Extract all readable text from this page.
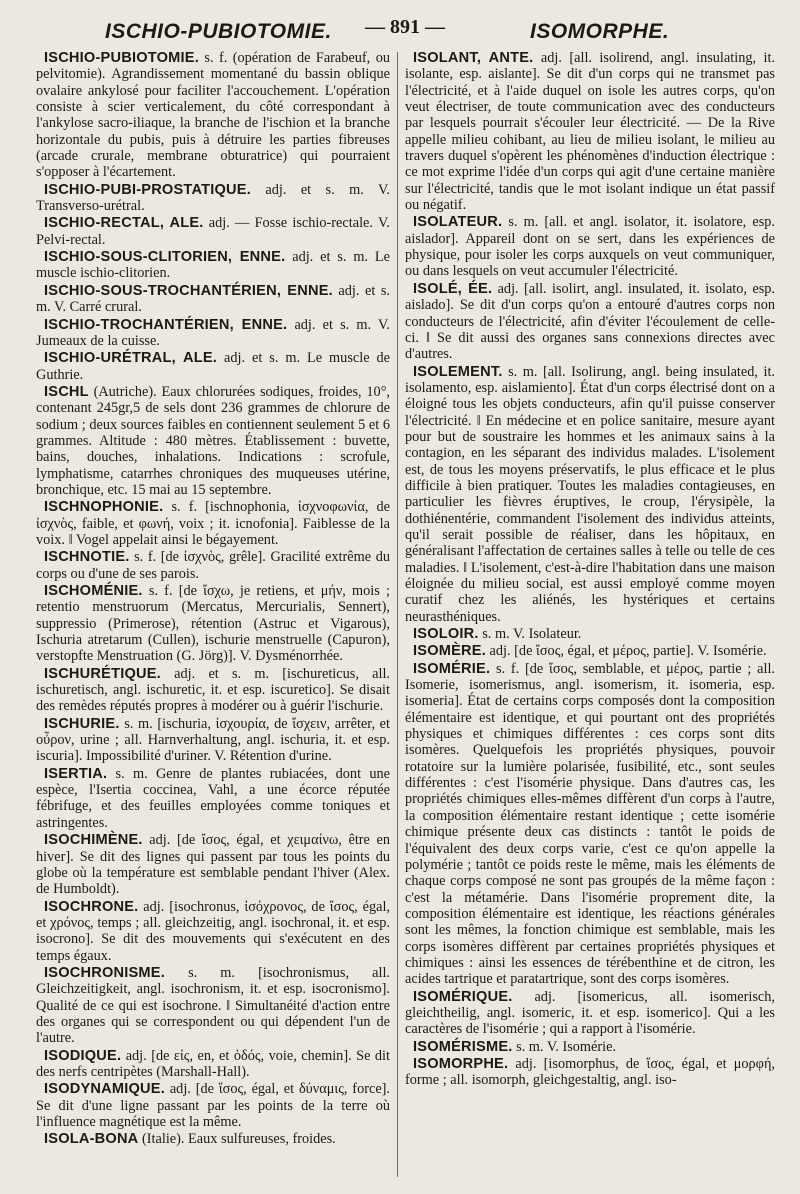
ISCHIO-PUBIOTOMIE. — 891 —	ISOMORPHE.

ISCHIO-PUBIOTOMIE. s. f. (opération de Farabeuf, ou pelvitomie). Agrandissement momentané du bassin oblique ovalaire ankylosé pour faciliter l'accouchement. L'opération consiste à scier verticalement, du côté correspondant à l'ankylose sacro-iliaque, la branche de l'ischion et la branche horizontale du pubis, puis à détruire les parties fibreuses (arcade crurale, membrane obturatrice) qui pourraient s'opposer à l'écartement.

ISCHIO-PUBI-PROSTATIQUE. adj. et s. m. V. Transverso-urétral.

ISCHIO-RECTAL, ALE. adj. — Fosse ischio-rectale. V. Pelvi-rectal.

ISCHIO-SOUS-CLITORIEN, ENNE. adj. et s. m. Le muscle ischio-clitorien.

ISCHIO-SOUS-TROCHANTÉRIEN, ENNE. adj. et s. m. V. Carré crural.

ISCHIO-TROCHANTÉRIEN, ENNE. adj. et s. m. V. Jumeaux de la cuisse.

ISCHIO-URÉTRAL, ALE. adj. et s. m. Le muscle de Guthrie.

ISCHL (Autriche). Eaux chlorurées sodiques, froides, 10°, contenant 245gr,5 de sels dont 236 grammes de chlorure de sodium ; deux sources faibles en contiennent seulement 5 et 6 grammes. Altitude : 480 mètres. Établissement : buvette, bains, douches, inhalations. Indications : scrofule, lymphatisme, catarrhes chroniques des muqueuses utérine, bronchique, etc. 15 mai au 15 septembre.

ISCHNOPHONIE. s. f. [ischnophonia, ἰσχνοφωνία, de ἰσχνὸς, faible, et φωνή, voix ; it. icnofonia]. Faiblesse de la voix. ‖ Vogel appelait ainsi le bégayement.

ISCHNOTIE. s. f. [de ἰσχνὸς, grêle]. Gracilité extrême du corps ou d'une de ses parois.

ISCHOMÉNIE. s. f. [de ἴσχω, je retiens, et μήν, mois ; retentio menstruorum (Mercatus, Mercurialis, Sennert), suppressio (Primerose), rétention (Astruc et Vigarous), Ischuria atretarum (Cullen), ischurie menstruelle (Capuron), verstopfte Menstruation (G. Jörg)]. V. Dysménorrhée.

ISCHURÉTIQUE. adj. et s. m. [ischureticus, all. ischuretisch, angl. ischuretic, it. et esp. iscuretico]. Se disait des remèdes réputés propres à modérer ou à guérir l'ischurie.

ISCHURIE. s. m. [ischuria, ἰσχουρία, de ἴσχειν, arrêter, et οὖρον, urine ; all. Harnverhaltung, angl. ischuria, it. et esp. iscuria]. Impossibilité d'uriner. V. Rétention d'urine.

ISERTIA. s. m. Genre de plantes rubiacées, dont une espèce, l'Isertia coccinea, Vahl, a une écorce réputée fébrifuge, et des feuilles employées comme toniques et astringentes.

ISOCHIMÈNE. adj. [de ἴσος, égal, et χειμαίνω, être en hiver]. Se dit des lignes qui passent par tous les points du globe où la température est semblable pendant l'hiver (Alex. de Humboldt).

ISOCHRONE. adj. [isochronus, ἰσόχρονος, de ἴσος, égal, et χρόνος, temps ; all. gleichzeitig, angl. isochronal, it. et esp. isocrono]. Se dit des mouvements qui s'exécutent en des temps égaux.

ISOCHRONISME. s. m. [isochronismus, all. Gleichzeitigkeit, angl. isochronism, it. et esp. isocronismo]. Qualité de ce qui est isochrone. ‖ Simultanéité d'action entre des organes qui se correspondent ou qui dépendent l'un de l'autre.

ISODIQUE. adj. [de εἰς, en, et ὁδός, voie, chemin]. Se dit des nerfs centripètes (Marshall-Hall).

ISODYNAMIQUE. adj. [de ἴσος, égal, et δύναμις, force]. Se dit d'une ligne passant par les points de la terre où l'influence magnétique est la même.

ISOLA-BONA (Italie). Eaux sulfureuses, froides.

ISOLANT, ANTE. adj. [all. isolirend, angl. insulating, it. isolante, esp. aislante]. Se dit d'un corps qui ne transmet pas l'électricité, et à l'aide duquel on isole les autres corps, qu'on veut électriser, de toute communication avec des conducteurs par lesquels pourrait s'écouler leur électricité. — De la Rive appelle milieu cohibant, au lieu de milieu isolant, le milieu au travers duquel s'opèrent les phénomènes d'induction électrique : ce mot exprime l'idée d'un corps qui agit d'une certaine manière sur l'électricité, tandis que le mot isolant indique un état passif ou négatif.

ISOLATEUR. s. m. [all. et angl. isolator, it. isolatore, esp. aislador]. Appareil dont on se sert, dans les expériences de physique, pour isoler les corps auxquels on veut communiquer, ou dans lesquels on veut accumuler l'électricité.

ISOLÉ, ÉE. adj. [all. isolirt, angl. insulated, it. isolato, esp. aislado]. Se dit d'un corps qu'on a entouré d'autres corps non conducteurs de l'électricité, afin d'éviter l'écoulement de celle-ci. ‖ Se dit aussi des organes sans connexions directes avec d'autres.

ISOLEMENT. s. m. [all. Isolirung, angl. being insulated, it. isolamento, esp. aislamiento]. État d'un corps électrisé dont on a éloigné tous les objets conducteurs, afin qu'il puisse conserver l'électricité. ‖ En médecine et en police sanitaire, mesure ayant pour but de soustraire les hommes et les animaux sains à la contagion, en les séparant des individus malades. L'isolement est, de tous les moyens préservatifs, le plus efficace et le plus difficile à bien pratiquer. Toutes les maladies contagieuses, en particulier les fièvres éruptives, le croup, l'érysipèle, la dothiénentérie, commandent l'isolement des individus atteints, qu'il serait possible de réaliser, dans les hôpitaux, en généralisant l'affectation de certaines salles à telle ou telle de ces maladies. ‖ L'isolement, c'est-à-dire l'habitation dans une maison éloignée du milieu social, est aussi employé comme moyen curatif chez les aliénés, les hystériques et certains neurasthéniques.

ISOLOIR. s. m. V. Isolateur.

ISOMÈRE. adj. [de ἴσος, égal, et μέρος, partie]. V. Isomérie.

ISOMÉRIE. s. f. [de ἴσος, semblable, et μέρος, partie ; all. Isomerie, isomerismus, angl. isomerism, it. isomeria, esp. isomeria]. État de certains corps composés dont la composition élémentaire est identique, et qui pourtant ont des propriétés physiques et chimiques différentes : ces corps sont dits isomères. Quelquefois les propriétés physiques, pouvoir rotatoire sur la lumière polarisée, fusibilité, etc., sont seules différentes : c'est l'isomérie physique. Dans d'autres cas, les propriétés chimiques elles-mêmes diffèrent d'un corps à l'autre, la composition élémentaire restant identique ; cette isomérie chimique présente deux cas distincts : tantôt le poids de l'équivalent des deux corps varie, c'est ce qu'on appelle la polymérie ; tantôt ce poids reste le même, mais les éléments de chaque corps composé ne sont pas groupés de la même façon : c'est la métamérie. Dans l'isomérie proprement dite, la composition élémentaire est identique, les réactions générales sont les mêmes, la fonction chimique est semblable, mais les corps isomères diffèrent par certaines propriétés physiques et chimiques : ainsi les essences de térébenthine et de citron, les acides tartrique et paratartrique, sont des corps isomères.

ISOMÉRIQUE. adj. [isomericus, all. isomerisch, gleichtheilig, angl. isomeric, it. et esp. isomerico]. Qui a les caractères de l'isomérie ; qui a rapport à l'isomérie.

ISOMÉRISME. s. m. V. Isomérie.

ISOMORPHE. adj. [isomorphus, de ἴσος, égal, et μορφή, forme ; all. isomorph, gleichgestaltig, angl. iso-
